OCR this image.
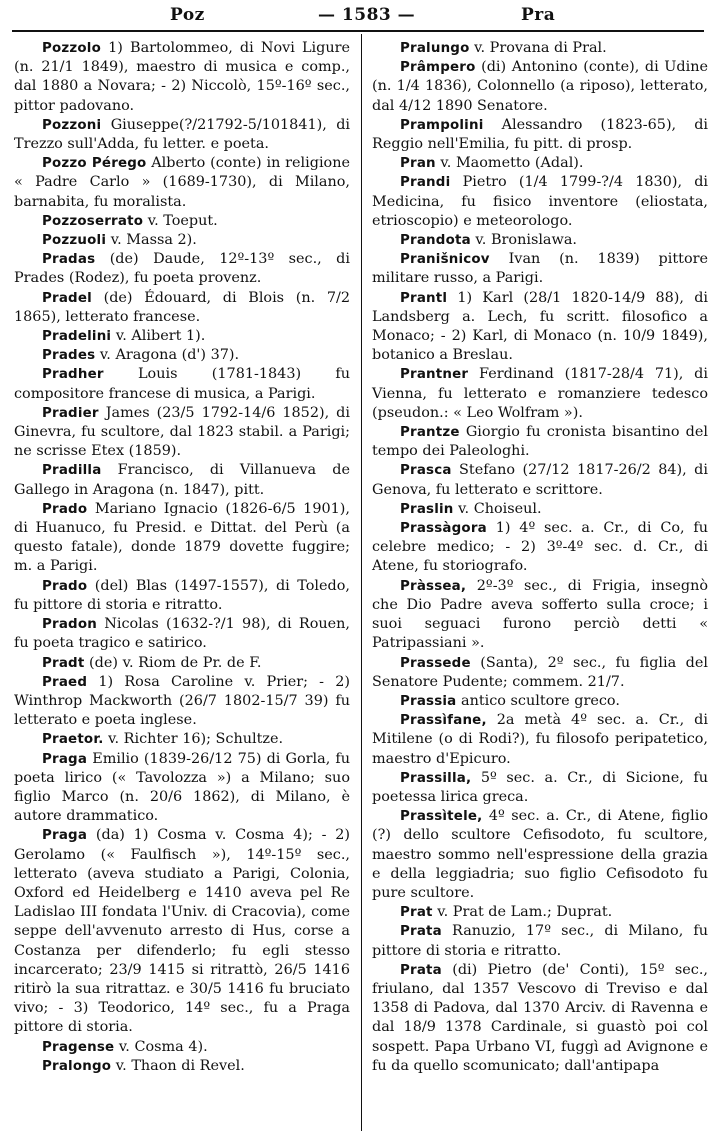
Poz	— 1583 —	Pra

Pozzolo 1) Bartolommeo, di Novi Ligure (n. 21/1 1849), maestro di musica e comp., dal 1880 a Novara; - 2) Niccolò, 15º-16º sec., pittor padovano.

Pozzoni Giuseppe(?/21792-5/101841), di Trezzo sull'Adda, fu letter. e poeta.

Pozzo Pérego Alberto (conte) in religione « Padre Carlo » (1689-1730), di Milano, barnabita, fu moralista.

Pozzoserrato v. Toeput.

Pozzuoli v. Massa 2).

Pradas (de) Daude, 12º-13º sec., di Prades (Rodez), fu poeta provenz.

Pradel (de) Édouard, di Blois (n. 7/2 1865), letterato francese.

Pradelini v. Alibert 1).

Prades v. Aragona (d') 37).

Pradher Louis (1781-1843) fu compositore francese di musica, a Parigi.

Pradier James (23/5 1792-14/6 1852), di Ginevra, fu scultore, dal 1823 stabil. a Parigi; ne scrisse Etex (1859).

Pradilla Francisco, di Villanueva de Gallego in Aragona (n. 1847), pitt.

Prado Mariano Ignacio (1826-6/5 1901), di Huanuco, fu Presid. e Dittat. del Perù (a questo fatale), donde 1879 dovette fuggire; m. a Parigi.

Prado (del) Blas (1497-1557), di Toledo, fu pittore di storia e ritratto.

Pradon Nicolas (1632-?/1 98), di Rouen, fu poeta tragico e satirico.

Pradt (de) v. Riom de Pr. de F.

Praed 1) Rosa Caroline v. Prier; - 2) Winthrop Mackworth (26/7 1802-15/7 39) fu letterato e poeta inglese.

Praetor. v. Richter 16); Schultze.

Praga Emilio (1839-26/12 75) di Gorla, fu poeta lirico (« Tavolozza ») a Milano; suo figlio Marco (n. 20/6 1862), di Milano, è autore drammatico.

Praga (da) 1) Cosma v. Cosma 4); - 2) Gerolamo (« Faulfisch »), 14º-15º sec., letterato (aveva studiato a Parigi, Colonia, Oxford ed Heidelberg e 1410 aveva pel Re Ladislao III fondata l'Univ. di Cracovia), come seppe dell'avvenuto arresto di Hus, corse a Costanza per difenderlo; fu egli stesso incarcerato; 23/9 1415 si ritrattò, 26/5 1416 ritirò la sua ritrattaz. e 30/5 1416 fu bruciato vivo; - 3) Teodorico, 14º sec., fu a Praga pittore di storia.

Pragense v. Cosma 4).

Pralongo v. Thaon di Revel.

Pralungo v. Provana di Pral.

Prâmpero (di) Antonino (conte), di Udine (n. 1/4 1836), Colonnello (a riposo), letterato, dal 4/12 1890 Senatore.

Prampolini Alessandro (1823-65), di Reggio nell'Emilia, fu pitt. di prosp.

Pran v. Maometto (Adal).

Prandi Pietro (1/4 1799-?/4 1830), di Medicina, fu fisico inventore (eliostata, etrioscopio) e meteorologo.

Prandota v. Bronislawa.

Pranišnicov Ivan (n. 1839) pittore militare russo, a Parigi.

Prantl 1) Karl (28/1 1820-14/9 88), di Landsberg a. Lech, fu scritt. filosofico a Monaco; - 2) Karl, di Monaco (n. 10/9 1849), botanico a Breslau.

Prantner Ferdinand (1817-28/4 71), di Vienna, fu letterato e romanziere tedesco (pseudon.: « Leo Wolfram »).

Prantze Giorgio fu cronista bisantino del tempo dei Paleologhi.

Prasca Stefano (27/12 1817-26/2 84), di Genova, fu letterato e scrittore.

Praslin v. Choiseul.

Prassàgora 1) 4º sec. a. Cr., di Co, fu celebre medico; - 2) 3º-4º sec. d. Cr., di Atene, fu storiografo.

Pràssea, 2º-3º sec., di Frigia, insegnò che Dio Padre aveva sofferto sulla croce; i suoi seguaci furono perciò detti « Patripassiani ».

Prassede (Santa), 2º sec., fu figlia del Senatore Pudente; commem. 21/7.

Prassia antico scultore greco.

Prassìfane, 2a metà 4º sec. a. Cr., di Mitilene (o di Rodi?), fu filosofo peripatetico, maestro d'Epicuro.

Prassilla, 5º sec. a. Cr., di Sicione, fu poetessa lirica greca.

Prassìtele, 4º sec. a. Cr., di Atene, figlio (?) dello scultore Cefisodoto, fu scultore, maestro sommo nell'espressione della grazia e della leggiadria; suo figlio Cefisodoto fu pure scultore.

Prat v. Prat de Lam.; Duprat.

Prata Ranuzio, 17º sec., di Milano, fu pittore di storia e ritratto.

Prata (di) Pietro (de' Conti), 15º sec., friulano, dal 1357 Vescovo di Treviso e dal 1358 di Padova, dal 1370 Arciv. di Ravenna e dal 18/9 1378 Cardinale, si guastò poi col sospett. Papa Urbano VI, fuggì ad Avignone e fu da quello scomunicato; dall'antipapa
